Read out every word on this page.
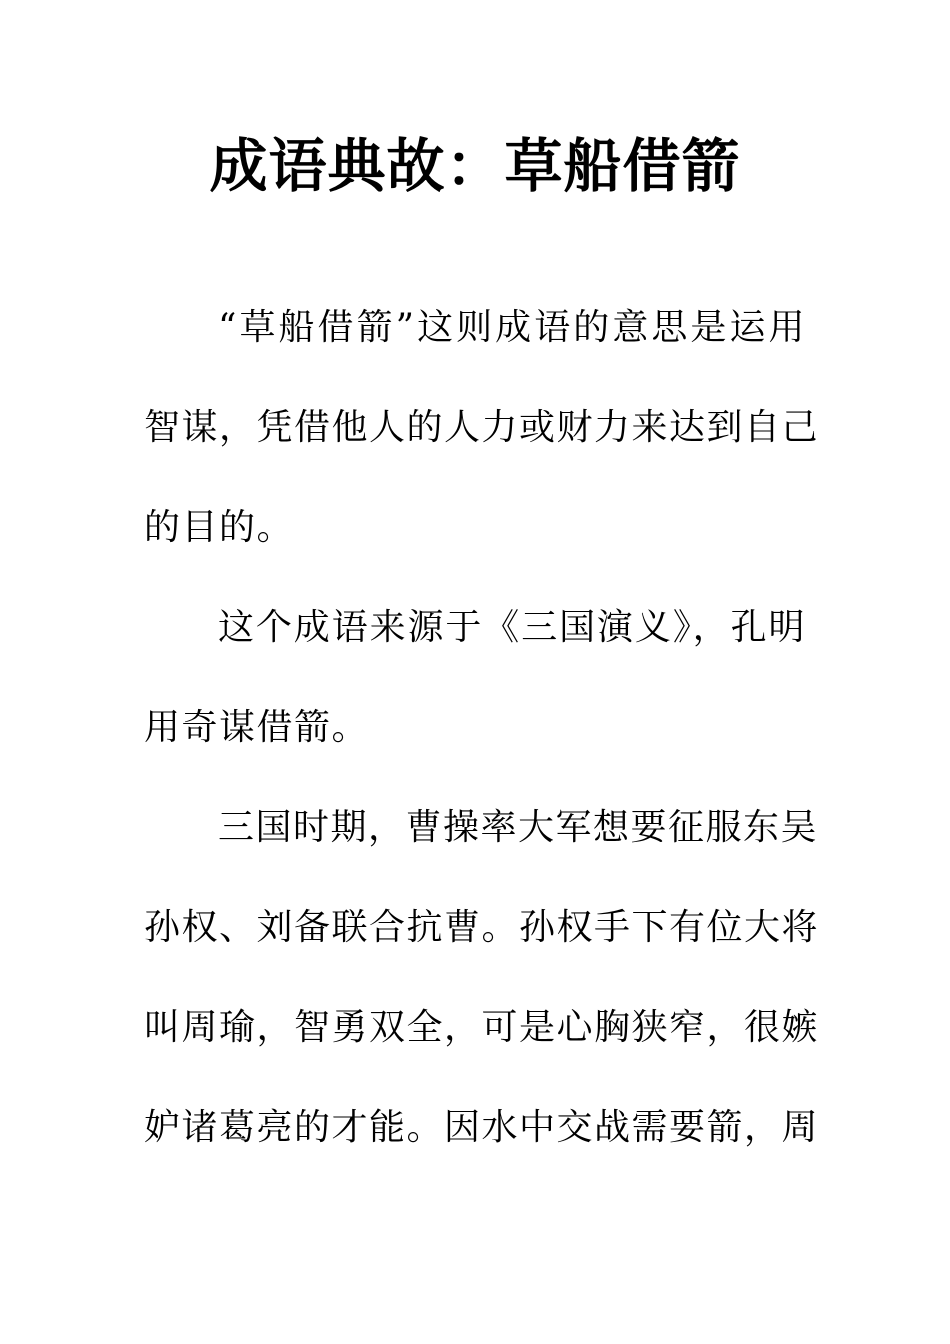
成语典故：草船借箭
“草船借箭”这则成语的意思是运用
智谋，凭借他人的人力或财力来达到自己
的目的。
这个成语来源于《三国演义》，孔明
用奇谋借箭。
三国时期，曹操率大军想要征服东吴
孙权、刘备联合抗曹。孙权手下有位大将
叫周瑜，智勇双全，可是心胸狭窄，很嫉
妒诸葛亮的才能。因水中交战需要箭，周
